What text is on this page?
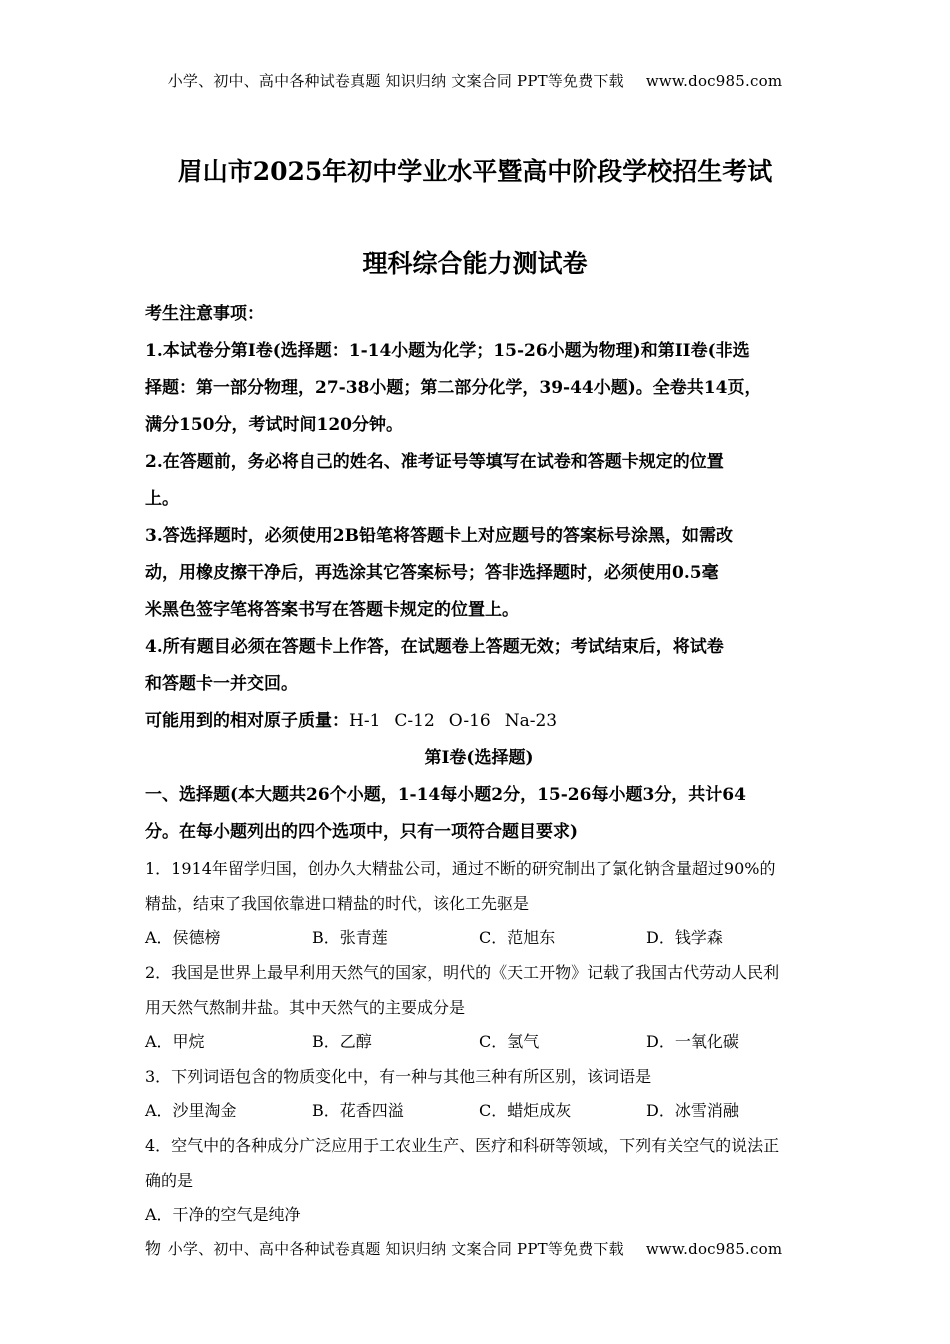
小学、初中、高中各种试卷真题 知识归纳 文案合同 PPT等免费下载 www.doc985.com
眉山市2025年初中学业水平暨高中阶段学校招生考试
理科综合能力测试卷

考生注意事项：

1.本试卷分第I卷(选择题：1-14小题为化学；15-26小题为物理)和第II卷(非选

择题：第一部分物理，27-38小题；第二部分化学，39-44小题)。全卷共14页，

满分150分，考试时间120分钟。

2.在答题前，务必将自己的姓名、准考证号等填写在试卷和答题卡规定的位置

上。

3.答选择题时，必须使用2B铅笔将答题卡上对应题号的答案标号涂黑，如需改

动，用橡皮擦干净后，再选涂其它答案标号；答非选择题时，必须使用0.5毫

米黑色签字笔将答案书写在答题卡规定的位置上。

4.所有题目必须在答题卡上作答，在试题卷上答题无效；考试结束后，将试卷

和答题卡一并交回。

可能用到的相对原子质量：H-1 C-12 O-16 Na-23

第I卷(选择题)

一、选择题(本大题共26个小题，1-14每小题2分，15-26每小题3分，共计64

分。在每小题列出的四个选项中，只有一项符合题目要求)

1．1914年留学归国，创办久大精盐公司，通过不断的研究制出了氯化钠含量超过90%的

精盐，结束了我国依靠进口精盐的时代，该化工先驱是

A．侯德榜	B．张青莲	C．范旭东	D．钱学森

2．我国是世界上最早利用天然气的国家，明代的《天工开物》记载了我国古代劳动人民利

用天然气熬制井盐。其中天然气的主要成分是

A．甲烷	B．乙醇	C．氢气	D．一氧化碳

3．下列词语包含的物质变化中，有一种与其他三种有所区别，该词语是

A．沙里淘金	B．花香四溢	C．蜡炬成灰	D．冰雪消融

4．空气中的各种成分广泛应用于工农业生产、医疗和科研等领域，下列有关空气的说法正

确的是

A．干净的空气是纯净物 小学、初中、高中各种试卷真题 知识归纳 文案合同 PPT等免费下载 www.doc985.com
